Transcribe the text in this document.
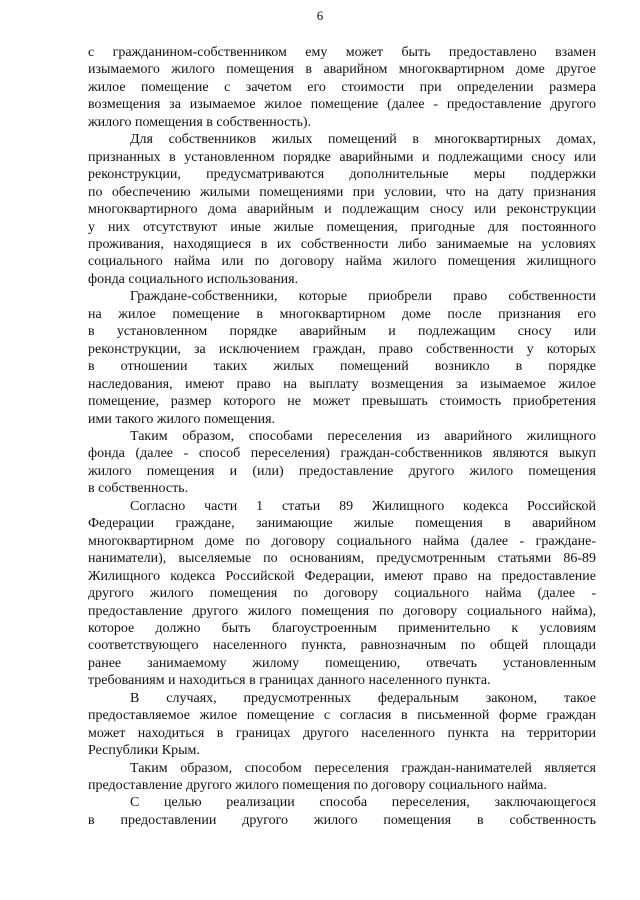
6
с гражданином-собственником ему может быть предоставлено взамен
изымаемого жилого помещения в аварийном многоквартирном доме другое
жилое помещение с зачетом его стоимости при определении размера
возмещения за изымаемое жилое помещение (далее - предоставление другого
жилого помещения в собственность).
Для собственников жилых помещений в многоквартирных домах,
признанных в установленном порядке аварийными и подлежащими сносу или
реконструкции, предусматриваются дополнительные меры поддержки
по обеспечению жилыми помещениями при условии, что на дату признания
многоквартирного дома аварийным и подлежащим сносу или реконструкции
у них отсутствуют иные жилые помещения, пригодные для постоянного
проживания, находящиеся в их собственности либо занимаемые на условиях
социального найма или по договору найма жилого помещения жилищного
фонда социального использования.
Граждане-собственники, которые приобрели право собственности
на жилое помещение в многоквартирном доме после признания его
в установленном порядке аварийным и подлежащим сносу или
реконструкции, за исключением граждан, право собственности у которых
в отношении таких жилых помещений возникло в порядке
наследования, имеют право на выплату возмещения за изымаемое жилое
помещение, размер которого не может превышать стоимость приобретения
ими такого жилого помещения.
Таким образом, способами переселения из аварийного жилищного
фонда (далее - способ переселения) граждан-собственников являются выкуп
жилого помещения и (или) предоставление другого жилого помещения
в собственность.
Согласно части 1 статьи 89 Жилищного кодекса Российской
Федерации граждане, занимающие жилые помещения в аварийном
многоквартирном доме по договору социального найма (далее - граждане-
наниматели), выселяемые по основаниям, предусмотренным статьями 86-89
Жилищного кодекса Российской Федерации, имеют право на предоставление
другого жилого помещения по договору социального найма (далее -
предоставление другого жилого помещения по договору социального найма),
которое должно быть благоустроенным применительно к условиям
соответствующего населенного пункта, равнозначным по общей площади
ранее занимаемому жилому помещению, отвечать установленным
требованиям и находиться в границах данного населенного пункта.
В случаях, предусмотренных федеральным законом, такое
предоставляемое жилое помещение с согласия в письменной форме граждан
может находиться в границах другого населенного пункта на территории
Республики Крым.
Таким образом, способом переселения граждан-нанимателей является
предоставление другого жилого помещения по договору социального найма.
С целью реализации способа переселения, заключающегося
в предоставлении другого жилого помещения в собственность
